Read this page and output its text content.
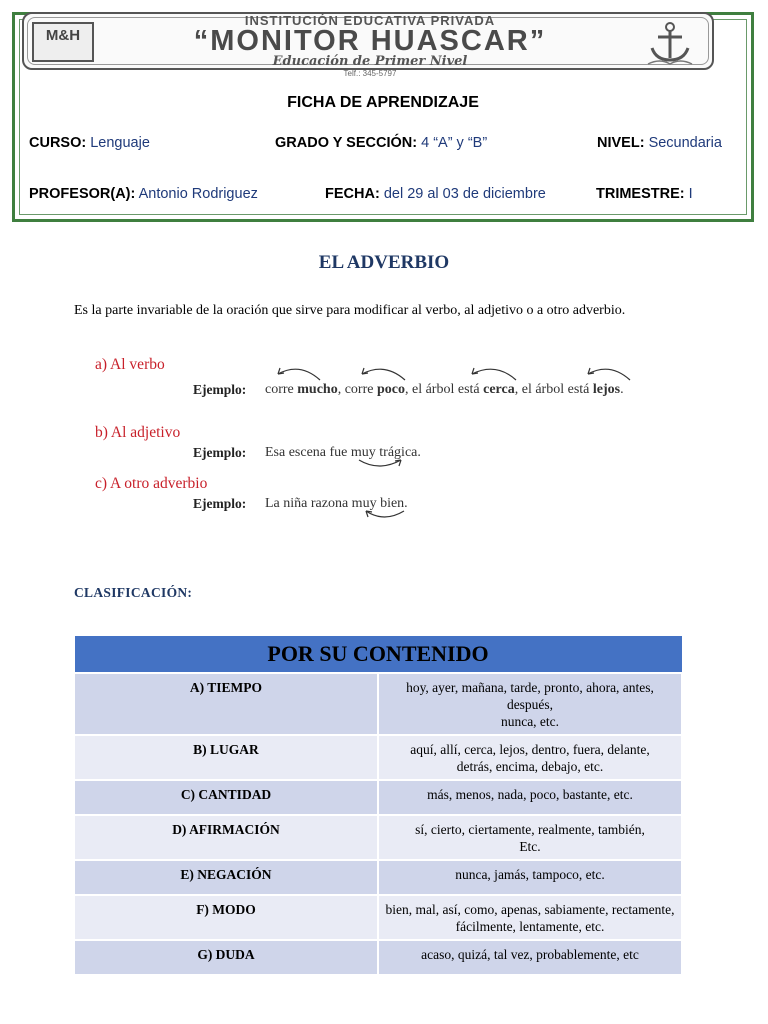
M&H
INSTITUCIÓN EDUCATIVA PRIVADA
“MONITOR HUASCAR”
Educación de Primer Nivel
Telf.: 345-5797
FICHA DE APRENDIZAJE
CURSO: Lenguaje	GRADO Y SECCIÓN: 4 “A” y “B”	NIVEL: Secundaria
PROFESOR(A): Antonio Rodriguez	FECHA: del 29 al 03 de diciembre	TRIMESTRE: I
EL ADVERBIO
Es la parte invariable de la oración que sirve para modificar al verbo, al adjetivo o a otro adverbio.
a) Al verbo
Ejemplo: corre mucho, corre poco, el árbol está cerca, el árbol está lejos.
b) Al adjetivo
Ejemplo: Esa escena fue muy trágica.
c) A otro adverbio
Ejemplo: La niña razona muy bien.
CLASIFICACIÓN:
POR SU CONTENIDO	
A) TIEMPO	hoy, ayer, mañana, tarde, pronto, ahora, antes, después,
nunca, etc.

B) LUGAR	aquí, allí, cerca, lejos, dentro, fuera, delante,
detrás, encima, debajo, etc.

C) CANTIDAD	más, menos, nada, poco, bastante, etc.

D) AFIRMACIÓN	sí, cierto, ciertamente, realmente, también,
Etc.

E) NEGACIÓN	nunca, jamás, tampoco, etc.

F) MODO	bien, mal, así, como, apenas, sabiamente, rectamente,
fácilmente, lentamente, etc.

G) DUDA	acaso, quizá, tal vez, probablemente, etc
